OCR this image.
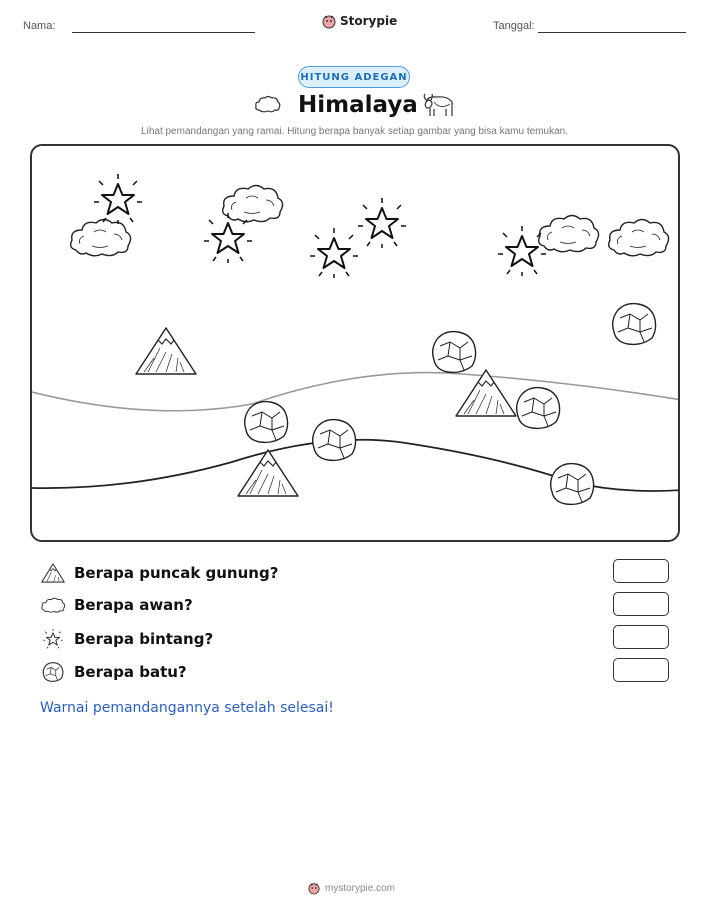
Nama:	Storypie	Tanggal:
HITUNG ADEGAN
Himalaya
Lihat pemandangan yang ramai. Hitung berapa banyak setiap gambar yang bisa kamu temukan.
Berapa puncak gunung?
Berapa awan?
Berapa bintang?
Berapa batu?
Warnai pemandangannya setelah selesai!
mystorypie.com
